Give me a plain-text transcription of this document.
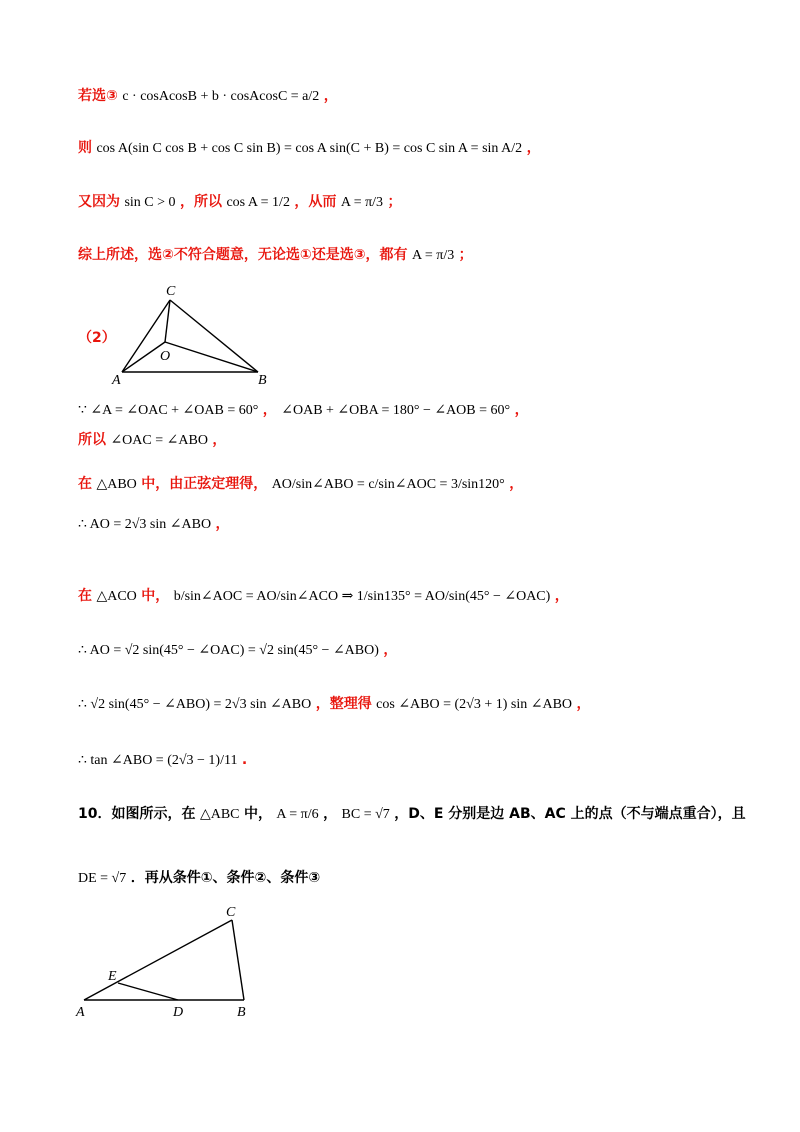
若选③ c · cosAcosB + b · cosAcosC = a/2 ，
则 cos A(sin C cos B + cos C sin B) = cos A sin(C + B) = cos C sin A = sin A/2 ，
又因为 sin C > 0 ，所以 cos A = 1/2 ，从而 A = π/3 ；
综上所述，选②不符合题意，无论选①还是选③，都有 A = π/3 ；
（2）
C
A	B
O
∵ ∠A = ∠OAC + ∠OAB = 60° ， ∠OAB + ∠OBA = 180° − ∠AOB = 60° ，
所以 ∠OAC = ∠ABO ，
在 △ABO 中，由正弦定理得， AO/sin∠ABO = c/sin∠AOC = 3/sin120° ，
∴ AO = 2√3 sin ∠ABO ，
在 △ACO 中， b/sin∠AOC = AO/sin∠ACO ⇒ 1/sin135° = AO/sin(45° − ∠OAC) ，
∴ AO = √2 sin(45° − ∠OAC) = √2 sin(45° − ∠ABO) ，
∴ √2 sin(45° − ∠ABO) = 2√3 sin ∠ABO ，整理得 cos ∠ABO = (2√3 + 1) sin ∠ABO ，
∴ tan ∠ABO = (2√3 − 1)/11 .
10．如图所示，在 △ABC 中， A = π/6 ， BC = √7 ，D、E 分别是边 AB、AC 上的点（不与端点重合），且
DE = √7 ．再从条件①、条件②、条件③
C
E
A	D	B
